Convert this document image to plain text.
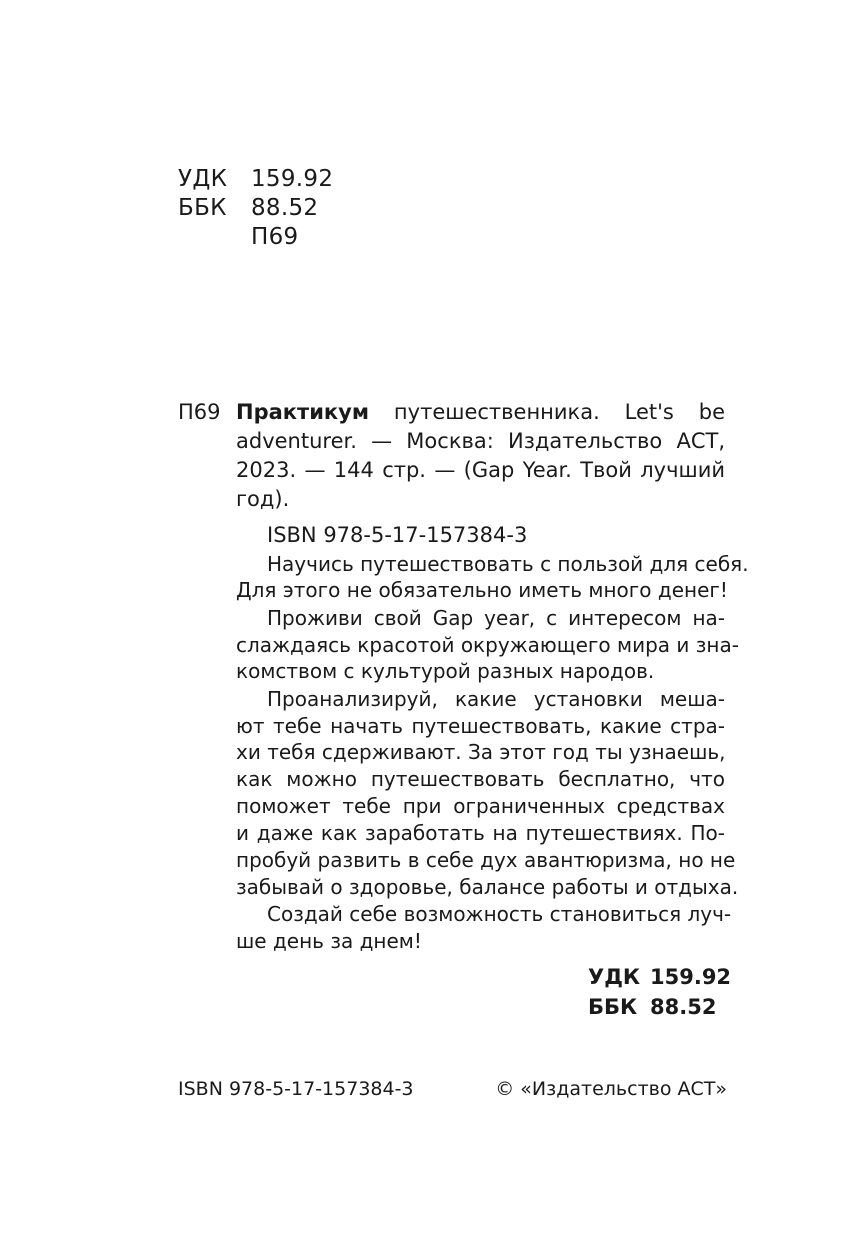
УДК 159.92
ББК 88.52
П69
П69 Практикум путешественника. Let's be
adventurer. — Москва: Издательство АСТ,
2023. — 144 стр. — (Gap Year. Твой лучший
год).
ISBN 978-5-17-157384-3
Научись путешествовать с пользой для себя.
Для этого не обязательно иметь много денег!
Проживи свой Gap year, с интересом на-
слаждаясь красотой окружающего мира и зна-
комством с культурой разных народов.
Проанализируй, какие установки меша-
ют тебе начать путешествовать, какие стра-
хи тебя сдерживают. За этот год ты узнаешь,
как можно путешествовать бесплатно, что
поможет тебе при ограниченных средствах
и даже как заработать на путешествиях. По-
пробуй развить в себе дух авантюризма, но не
забывай о здоровье, балансе работы и отдыха.
Создай себе возможность становиться луч-
ше день за днем!
УДК 159.92
ББК 88.52
ISBN 978-5-17-157384-3	© «Издательство АСТ»
